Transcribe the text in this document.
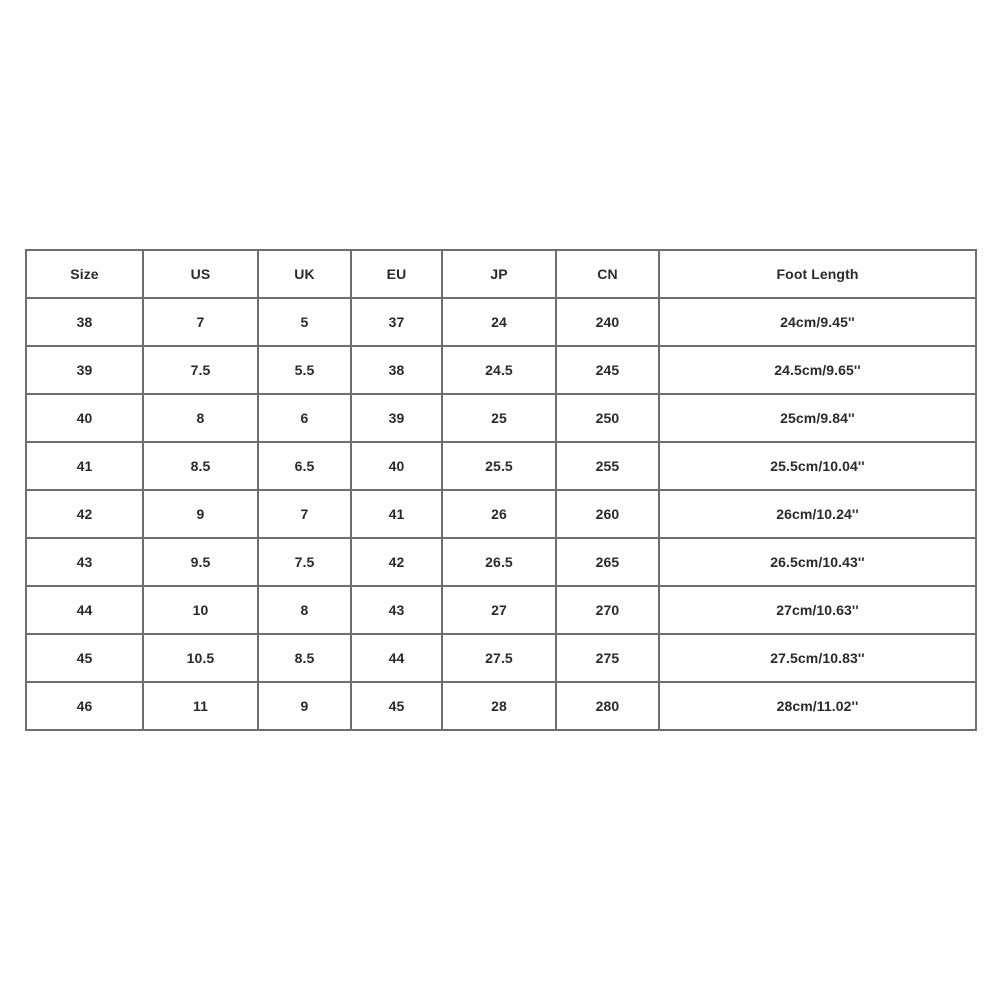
Size	US	UK	EU	JP	CN	Foot Length
38	7	5	37	24	240	24cm/9.45''
39	7.5	5.5	38	24.5	245	24.5cm/9.65''
40	8	6	39	25	250	25cm/9.84''
41	8.5	6.5	40	25.5	255	25.5cm/10.04''
42	9	7	41	26	260	26cm/10.24''
43	9.5	7.5	42	26.5	265	26.5cm/10.43''
44	10	8	43	27	270	27cm/10.63''
45	10.5	8.5	44	27.5	275	27.5cm/10.83''
46	11	9	45	28	280	28cm/11.02''
